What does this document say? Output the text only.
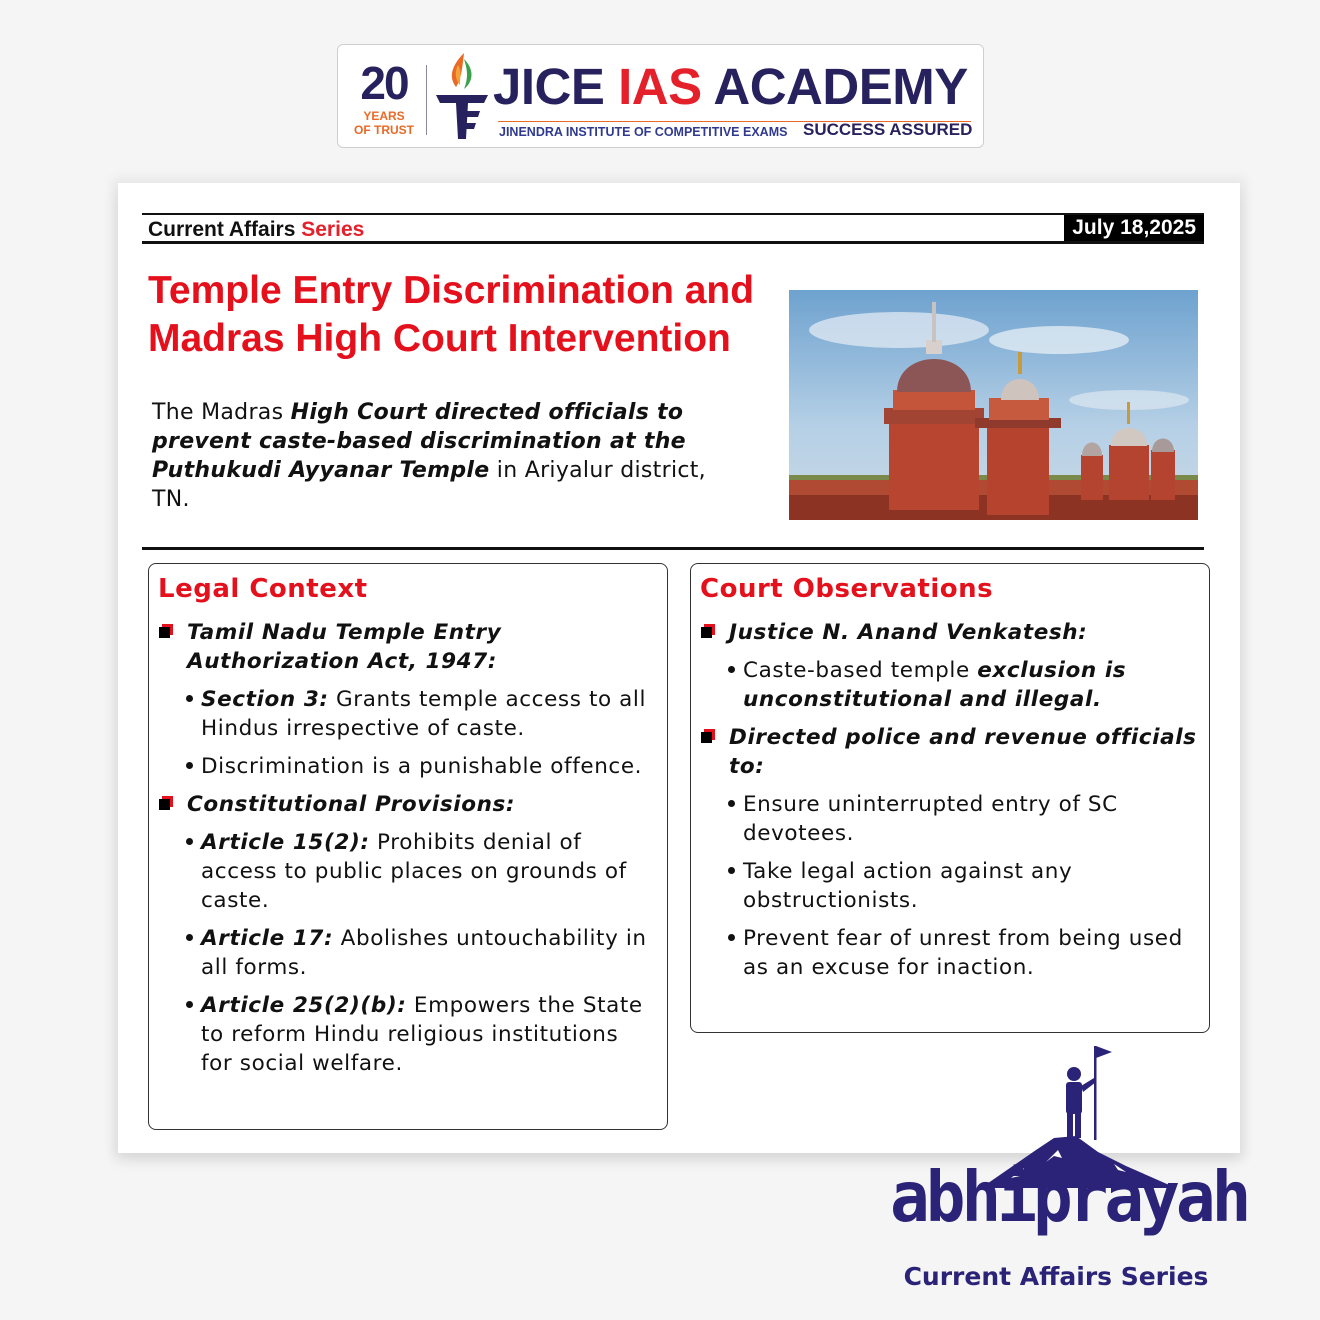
20
YEARS
OF TRUST
JICE IAS ACADEMY
JINENDRA INSTITUTE OF COMPETITIVE EXAMS SUCCESS ASSURED
Current Affairs Series	July 18,2025
Temple Entry Discrimination and Madras High Court Intervention

The Madras High Court directed officials to prevent caste-based discrimination at the Puthukudi Ayyanar Temple in Ariyalur district, TN.

Legal Context
Tamil Nadu Temple Entry Authorization Act, 1947:
Section 3: Grants temple access to all Hindus irrespective of caste.
Discrimination is a punishable offence.
Constitutional Provisions:
Article 15(2): Prohibits denial of access to public places on grounds of caste.
Article 17: Abolishes untouchability in all forms.
Article 25(2)(b): Empowers the State to reform Hindu religious institutions for social welfare.
Court Observations
Justice N. Anand Venkatesh:
Caste-based temple exclusion is unconstitutional and illegal.
Directed police and revenue officials to:
Ensure uninterrupted entry of SC devotees.
Take legal action against any obstructionists.
Prevent fear of unrest from being used as an excuse for inaction.
abhiprayah
Current Affairs Series
